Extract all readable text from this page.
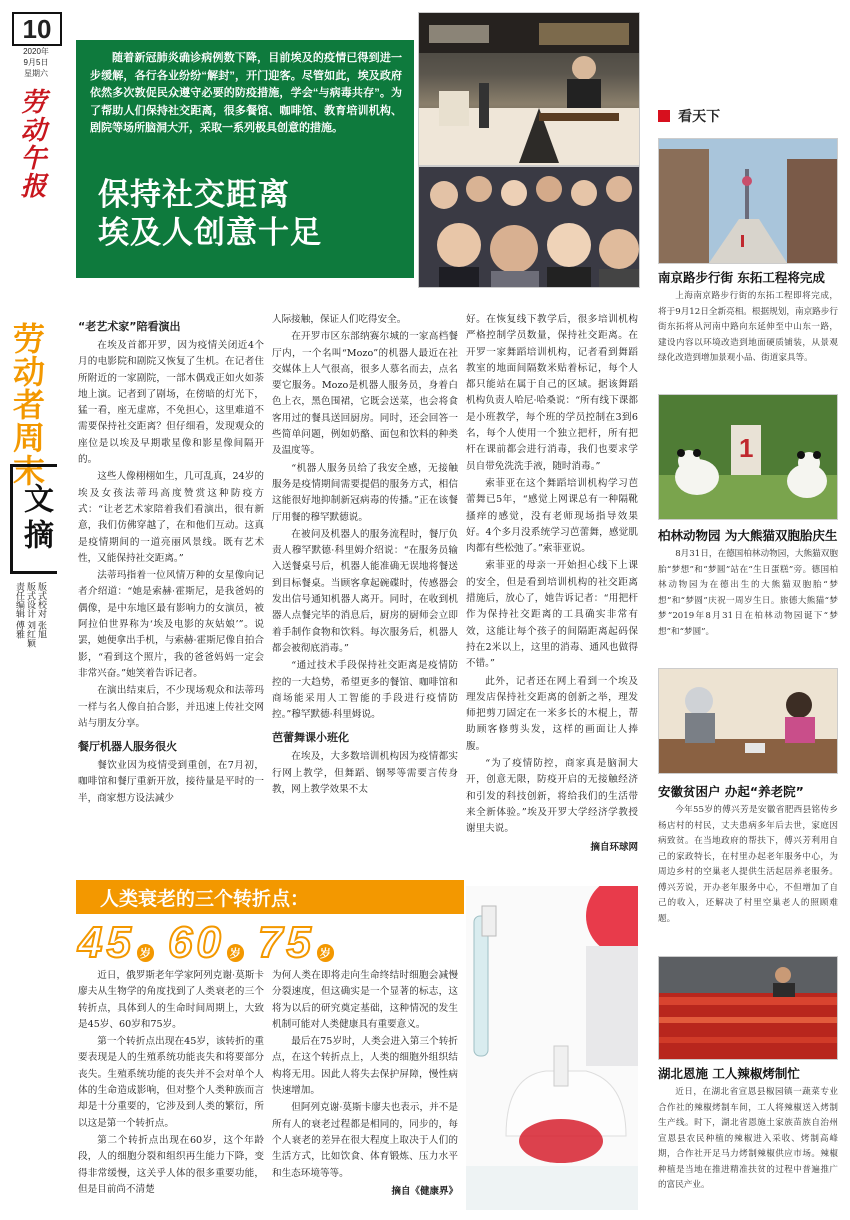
10
2020年
9月5日
星期六
劳动午报
劳动者周末
文摘
版式校对 张旭
版式设计 刘红颖
责任编辑 傅雅

随着新冠肺炎确诊病例数下降，目前埃及的疫情已得到进一步缓解，各行各业纷纷“解封”，开门迎客。尽管如此，埃及政府依然多次敦促民众遵守必要的防疫措施，学会“与病毒共存”。为了帮助人们保持社交距离，很多餐馆、咖啡馆、教育培训机构、剧院等场所脑洞大开，采取一系列极具创意的措施。

保持社交距离
埃及人创意十足
“老艺术家”陪看演出

在埃及首都开罗，因为疫情关闭近4个月的电影院和剧院又恢复了生机。在记者住所附近的一家剧院，一部木偶戏正如火如荼地上演。记者到了剧场，在傍暗的灯光下，猛一看，座无虚席，不免担心，这里难道不需要保持社交距离？但仔细看，发现观众的座位是以埃及早期歌星像和影星像间隔开的。

这些人像栩栩如生，几可乱真，24岁的埃及女孩法蒂玛高度赞赏这种防疫方式：“让老艺术家陪着我们看演出，很有新意，我们仿佛穿越了，在和他们互动。这真是疫情期间的一道亮丽风景线。既有艺术性，又能保持社交距离。”

法蒂玛指着一位风情万种的女星像向记者介绍道：“她是索赫·霍斯尼，是我爸妈的偶像，是中东地区最有影响力的女演员，被阿拉伯世界称为‘埃及电影的灰姑娘’”。说罢，她便拿出手机，与索赫·霍斯尼像自拍合影，“看到这个照片，我的爸爸妈妈一定会非常兴奋。”她笑着告诉记者。

在演出结束后，不少现场观众和法蒂玛一样与名人像自拍合影，并迅速上传社交网站与朋友分享。

餐厅机器人服务很火

餐饮业因为疫情受到重创，在7月初，咖啡馆和餐厅重新开放，接待量是平时的一半，商家想方设法减少

人际接触，保证人们吃得安全。

在开罗市区东部纳赛尔城的一家高档餐厅内，一个名叫“Mozo”的机器人最近在社交媒体上人气很高，很多人慕名而去，点名要它服务。Mozo是机器人服务员，身着白色上衣，黑色围裙，它既会送菜，也会将食客用过的餐具送回厨房。同时，还会回答一些简单问题，例如奶酪、面包和饮料的种类及温度等。

“机器人服务员给了我安全感，无接触服务是疫情期间需要提倡的服务方式，相信这能很好地抑制新冠病毒的传播。”正在该餐厅用餐的穆罕默德说。

在被问及机器人的服务流程时，餐厅负责人穆罕默德·科里姆介绍说：“在服务员输入送餐桌号后，机器人能准确无误地将餐送到目标餐桌。当顾客拿起碗碟时，传感器会发出信号通知机器人离开。同时，在收到机器人点餐完毕的消息后，厨房的厨师会立即着手制作食物和饮料。每次服务后，机器人都会被彻底消毒。”

“通过技术手段保持社交距离是疫情防控的一大趋势，希望更多的餐馆、咖啡馆和商场能采用人工智能的手段进行疫情防控。”穆罕默德·科里姆说。

芭蕾舞课小班化

在埃及，大多数培训机构因为疫情都实行网上教学，但舞蹈、钢琴等需要言传身教，网上教学效果不太

好。在恢复线下教学后，很多培训机构严格控制学员数量，保持社交距离。在开罗一家舞蹈培训机构，记者看到舞蹈教室的地面间隔数米贴着标记，每个人都只能站在属于自己的区域。据该舞蹈机构负责人哈尼·哈桑说：“所有线下课都是小班教学，每个班的学员控制在3到6名，每个人使用一个独立把杆，所有把杆在课前都会进行消毒，我们也要求学员自带免洗洗手液，随时消毒。”

索菲亚在这个舞蹈培训机构学习芭蕾舞已5年，“感觉上网课总有一种隔靴搔痒的感觉，没有老师现场指导效果好。4个多月没系统学习芭蕾舞，感觉肌肉都有些松弛了。”索菲亚说。

索菲亚的母亲一开始担心线下上课的安全，但是看到培训机构的社交距离措施后，放心了，她告诉记者：“用把杆作为保持社交距离的工具确实非常有效，这能让每个孩子的间隔距离起码保持在2米以上，这里的消毒、通风也做得不错。”

此外，记者还在网上看到一个埃及理发店保持社交距离的创新之举，理发师把剪刀固定在一米多长的木棍上，帮助顾客修剪头发，这样的画面让人捧腹。

“为了疫情防控，商家真是脑洞大开，创意无限，防疫开启的无接触经济和引发的科技创新，将给我们的生活带来全新体验。”埃及开罗大学经济学教授谢里夫说。

摘自环球网
人类衰老的三个转折点：
45 岁 60 岁 75 岁

近日，俄罗斯老年学家阿列克谢·莫斯卡廖夫从生物学的角度找到了人类衰老的三个转折点，具体到人的生命时间周期上，大致是45岁、60岁和75岁。

第一个转折点出现在45岁，该转折的重要表现是人的生殖系统功能丧失和将要部分丧失。生殖系统功能的丧失并不会对单个人体的生命造成影响，但对整个人类种族而言却是十分重要的，它涉及到人类的繁衍，所以这是第一个转折点。

第二个转折点出现在60岁，这个年龄段，人的细胞分裂和组织再生能力下降，变得非常缓慢，这关乎人体的很多重要功能，但是目前尚不清楚

为何人类在即将走向生命终结时细胞会减慢分裂速度，但这确实是一个显著的标志，这将为以后的研究奠定基础，这种情况的发生机制可能对人类健康具有重要意义。

最后在75岁时，人类会进入第三个转折点，在这个转折点上，人类的细胞外组织结构将无用。因此人将失去保护屏障，慢性病快速增加。

但阿列克谢·莫斯卡廖夫也表示，并不是所有人的衰老过程都是相同的，同步的，每个人衰老的差异在很大程度上取决于人们的生活方式，比如饮食、体育锻炼、压力水平和生态环境等等。

摘自《健康界》
看天下
南京路步行街 东拓工程将完成

上海南京路步行街的东拓工程即将完成，将于9月12日全新亮相。根据规划，南京路步行街东拓将从河南中路向东延伸至中山东一路，建设内容以环境改造到地面硬质铺装，从景观绿化改造到增加景观小品、街道家具等。

1
柏林动物园 为大熊猫双胞胎庆生

8月31日，在德国柏林动物园，大熊猫双胞胎“梦想”和“梦圆”站在“生日蛋糕”旁。德国柏林动物园为在德出生的大熊猫双胞胎“梦想”和“梦圆”庆祝一周岁生日。旅德大熊猫“梦梦”2019年8月31日在柏林动物园诞下“梦想”和“梦圆”。

安徽贫困户 办起“养老院”

今年55岁的傅兴芳是安徽省肥西县铭传乡杨店村的村民，丈夫患病多年后去世，家庭因病致贫。在当地政府的帮扶下，傅兴芳利用自己的家政特长，在村里办起老年服务中心，为周边乡村的空巢老人提供生活起居养老服务。傅兴芳说，开办老年服务中心，不但增加了自己的收入，还解决了村里空巢老人的照顾难题。

湖北恩施 工人辣椒烤制忙

近日，在湖北省宣恩县椒园镇一蔬菜专业合作社的辣椒烤制车间，工人将辣椒送入烤制生产线。时下，湖北省恩施土家族苗族自治州宣恩县农民种植的辣椒进入采收、烤制高峰期，合作社开足马力烤制辣椒供应市场。辣椒种植是当地在推进精准扶贫的过程中普遍推广的富民产业。
